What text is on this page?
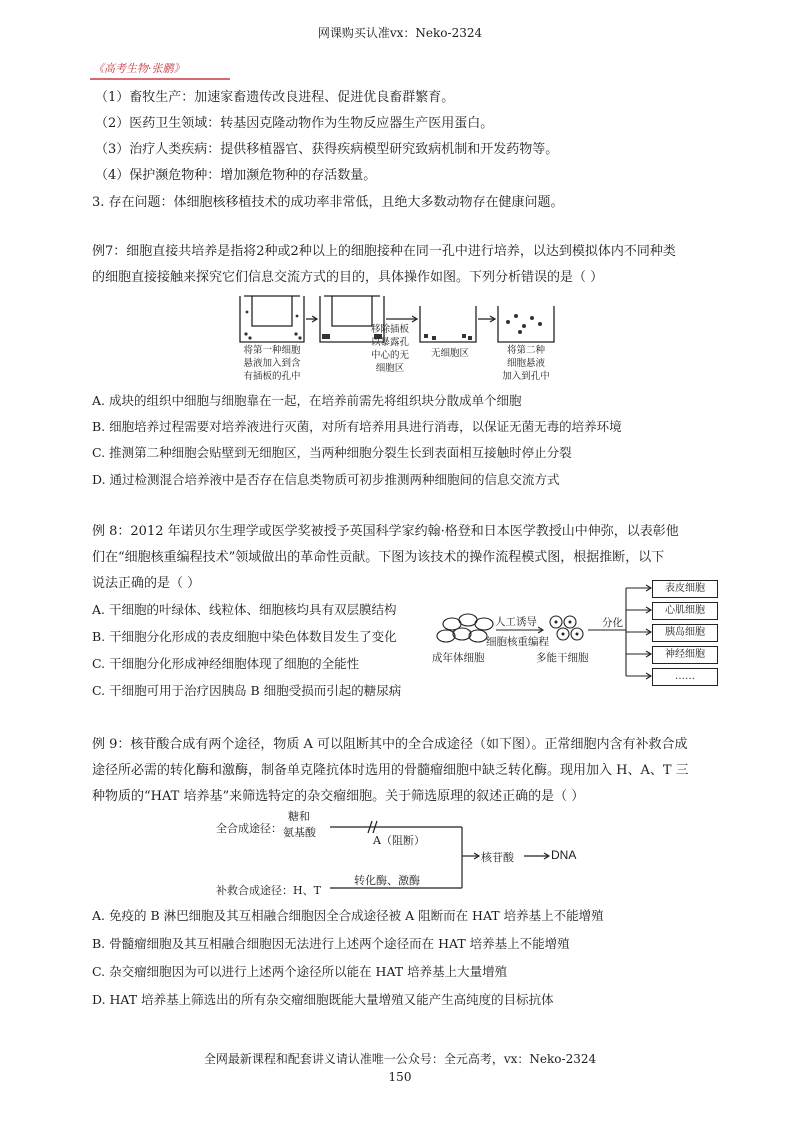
网课购买认准vx：Neko-2324
《高考生物·张鹏》
（1）畜牧生产：加速家畜遗传改良进程、促进优良畜群繁育。
（2）医药卫生领域：转基因克隆动物作为生物反应器生产医用蛋白。
（3）治疗人类疾病：提供移植器官、获得疾病模型研究致病机制和开发药物等。
（4）保护濒危物种：增加濒危物种的存活数量。
3. 存在问题：体细胞核移植技术的成功率非常低，且绝大多数动物存在健康问题。
例7：细胞直接共培养是指将2种或2种以上的细胞接种在同一孔中进行培养，以达到模拟体内不同种类
的细胞直接接触来探究它们信息交流方式的目的，具体操作如图。下列分析错误的是（ ）
将第一种细胞
悬液加入到含
有插板的孔中
移除插板
以暴露孔
中心的无
细胞区
无细胞区	将第二种
细胞悬液
加入到孔中
A. 成块的组织中细胞与细胞靠在一起，在培养前需先将组织块分散成单个细胞
B. 细胞培养过程需要对培养液进行灭菌，对所有培养用具进行消毒，以保证无菌无毒的培养环境
C. 推测第二种细胞会贴壁到无细胞区，当两种细胞分裂生长到表面相互接触时停止分裂
D. 通过检测混合培养液中是否存在信息类物质可初步推测两种细胞间的信息交流方式
例 8：2012 年诺贝尔生理学或医学奖被授予英国科学家约翰·格登和日本医学教授山中伸弥，以表彰他
们在“细胞核重编程技术”领域做出的革命性贡献。下图为该技术的操作流程模式图，根据推断，以下
说法正确的是（ ）
A. 干细胞的叶绿体、线粒体、细胞核均具有双层膜结构
B. 干细胞分化形成的表皮细胞中染色体数目发生了变化
C. 干细胞分化形成神经细胞体现了细胞的全能性
C. 干细胞可用于治疗因胰岛 B 细胞受损而引起的糖尿病
人工诱导
细胞核重编程
成年体细胞	多能干细胞
分化
表皮细胞
心肌细胞
胰岛细胞
神经细胞
……
例 9：核苷酸合成有两个途径，物质 A 可以阻断其中的全合成途径（如下图）。正常细胞内含有补救合成
途径所必需的转化酶和激酶，制备单克隆抗体时选用的骨髓瘤细胞中缺乏转化酶。现用加入 H、A、T 三
种物质的“HAT 培养基”来筛选特定的杂交瘤细胞。关于筛选原理的叙述正确的是（ ）
全合成途径：
糖和
氨基酸
A（阻断）
核苷酸	DNA
转化酶、激酶
补救合成途径：H、T
A. 免疫的 B 淋巴细胞及其互相融合细胞因全合成途径被 A 阻断而在 HAT 培养基上不能增殖
B. 骨髓瘤细胞及其互相融合细胞因无法进行上述两个途径而在 HAT 培养基上不能增殖
C. 杂交瘤细胞因为可以进行上述两个途径所以能在 HAT 培养基上大量增殖
D. HAT 培养基上筛选出的所有杂交瘤细胞既能大量增殖又能产生高纯度的目标抗体
全网最新课程和配套讲义请认准唯一公众号：全元高考，vx：Neko-2324
150
